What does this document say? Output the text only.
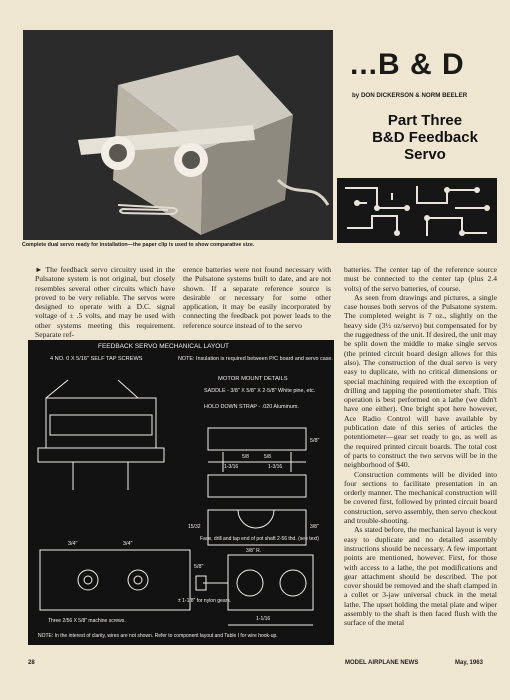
Complete dual servo ready for installation—the paper clip is used to show comparative size.
...B & D
by DON DICKERSON & NORM BEELER
Part Three
B&D Feedback
Servo

► The feedback servo circuitry used in the Pulsatone system is not original, but closely resembles several other circuits which have proved to be very reliable. The servos were designed to operate with a D.C. signal voltage of ± .5 volts, and may be used with other systems meeting this requirement. Separate ref-

erence batteries were not found necessary with the Pulsatone systems built to date, and are not shown. If a separate reference source is desirable or necessary for some other application, it may be easily incorporated by connecting the feedback pot power leads to the reference source instead of to the servo

batteries. The center tap of the reference source must be connected to the center tap (plus 2.4 volts) of the servo batteries, of course.

As seen from drawings and pictures, a single case houses both servos of the Pulsatone system. The completed weight is 7 oz., slightly on the heavy side (3½ oz/servo) but compensated for by the ruggedness of the unit. If desired, the unit may be split down the middle to make single servos (the printed circuit board design allows for this also). The construction of the dual servo is very easy to duplicate, with no critical dimensions or special machining required with the exception of drilling and tapping the potentiometer shaft. This operation is best performed on a lathe (we didn't have one either). One bright spot here however, Ace Radio Control will have available by publication date of this series of articles the potentiometer—gear set ready to go, as well as the required printed circuit boards. The total cost of parts to construct the two servos will be in the neighborhood of $40.

Construction comments will be divided into four sections to facilitate presentation in an orderly manner. The mechanical construction will be covered first, followed by printed circuit board construction, servo assembly, then servo checkout and trouble-shooting.

As stated before, the mechanical layout is very easy to duplicate and no detailed assembly instructions should be necessary. A few important points are mentioned, however. First, for those with access to a lathe, the pot modifications and gear attachment should be described. The pot cover should be removed and the shaft clamped in a collet or 3-jaw universal chuck in the metal lathe. The upset holding the metal plate and wiper assembly to the shaft is then faced flush with the surface of the metal

FEEDBACK SERVO MECHANICAL LAYOUT
4 NO. 0 X 5/16" SELF TAP SCREWS	NOTE: Insulation is required between P/C board and servo case.
MOTOR MOUNT DETAILS
SADDLE - 3/8" X 5/8" X 2-5/8" White pine, etc.
HOLD DOWN STRAP - .020 Aluminum.
5/8"
1-3/16	1-3/16
5/8	5/8
15/32	3/8"
3/8" R.
3/4"	3/4"
5/8"
Face, drill and tap end of pot shaft 2-56 thd. (see text)
± 1-1/8" for nylon gears.
Three 2/56 X 5/8" machine screws.	1-1/16
NOTE: In the interest of clarity, wires are not shown. Refer to component layout and Table I for wire hook-up.
28	MODEL AIRPLANE NEWS	May, 1963
